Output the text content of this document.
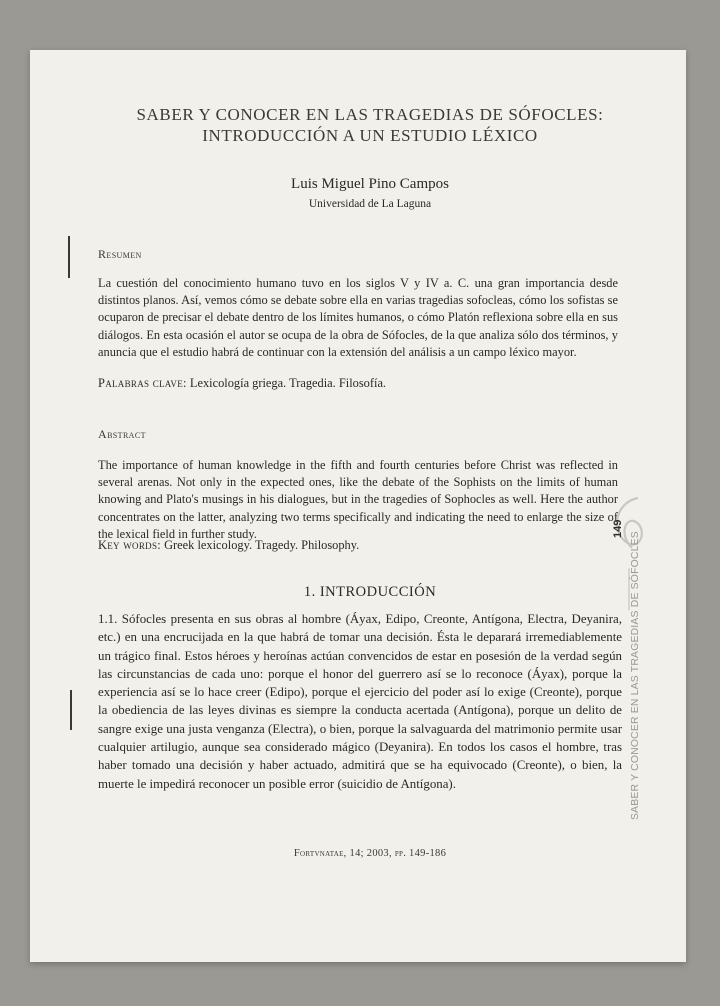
SABER Y CONOCER EN LAS TRAGEDIAS DE SÓFOCLES:
INTRODUCCIÓN A UN ESTUDIO LÉXICO
Luis Miguel Pino Campos
Universidad de La Laguna
Resumen

La cuestión del conocimiento humano tuvo en los siglos V y IV a. C. una gran importancia desde distintos planos. Así, vemos cómo se debate sobre ella en varias tragedias sofocleas, cómo los sofistas se ocuparon de precisar el debate dentro de los límites humanos, o cómo Platón reflexiona sobre ella en sus diálogos. En esta ocasión el autor se ocupa de la obra de Sófocles, de la que analiza sólo dos términos, y anuncia que el estudio habrá de continuar con la extensión del análisis a un campo léxico mayor.

Palabras clave: Lexicología griega. Tragedia. Filosofía.
Abstract

The importance of human knowledge in the fifth and fourth centuries before Christ was reflected in several arenas. Not only in the expected ones, like the debate of the Sophists on the limits of human knowing and Plato's musings in his dialogues, but in the tragedies of Sophocles as well. Here the author concentrates on the latter, analyzing two terms specifically and indicating the need to enlarge the size of the lexical field in further study.

Key words: Greek lexicology. Tragedy. Philosophy.
1. INTRODUCCIÓN

1.1. Sófocles presenta en sus obras al hombre (Áyax, Edipo, Creonte, Antígona, Electra, Deyanira, etc.) en una encrucijada en la que habrá de tomar una decisión. Ésta le deparará irremediablemente un trágico final. Estos héroes y heroínas actúan convencidos de estar en posesión de la verdad según las circunstancias de cada uno: porque el honor del guerrero así se lo reconoce (Áyax), porque la experiencia así se lo hace creer (Edipo), porque el ejercicio del poder así lo exige (Creonte), porque la obediencia de las leyes divinas es siempre la conducta acertada (Antígona), porque un delito de sangre exige una justa venganza (Electra), o bien, porque la salvaguarda del matrimonio permite usar cualquier artilugio, aunque sea considerado mágico (Deyanira). En todos los casos el hombre, tras haber tomado una decisión y haber actuado, admitirá que se ha equivocado (Creonte), o bien, la muerte le impedirá reconocer un posible error (suicidio de Antígona).

Fortvnatae, 14; 2003, pp. 149-186
149
SABER Y CONOCER EN LAS TRAGEDIAS DE SÓFOCLES
